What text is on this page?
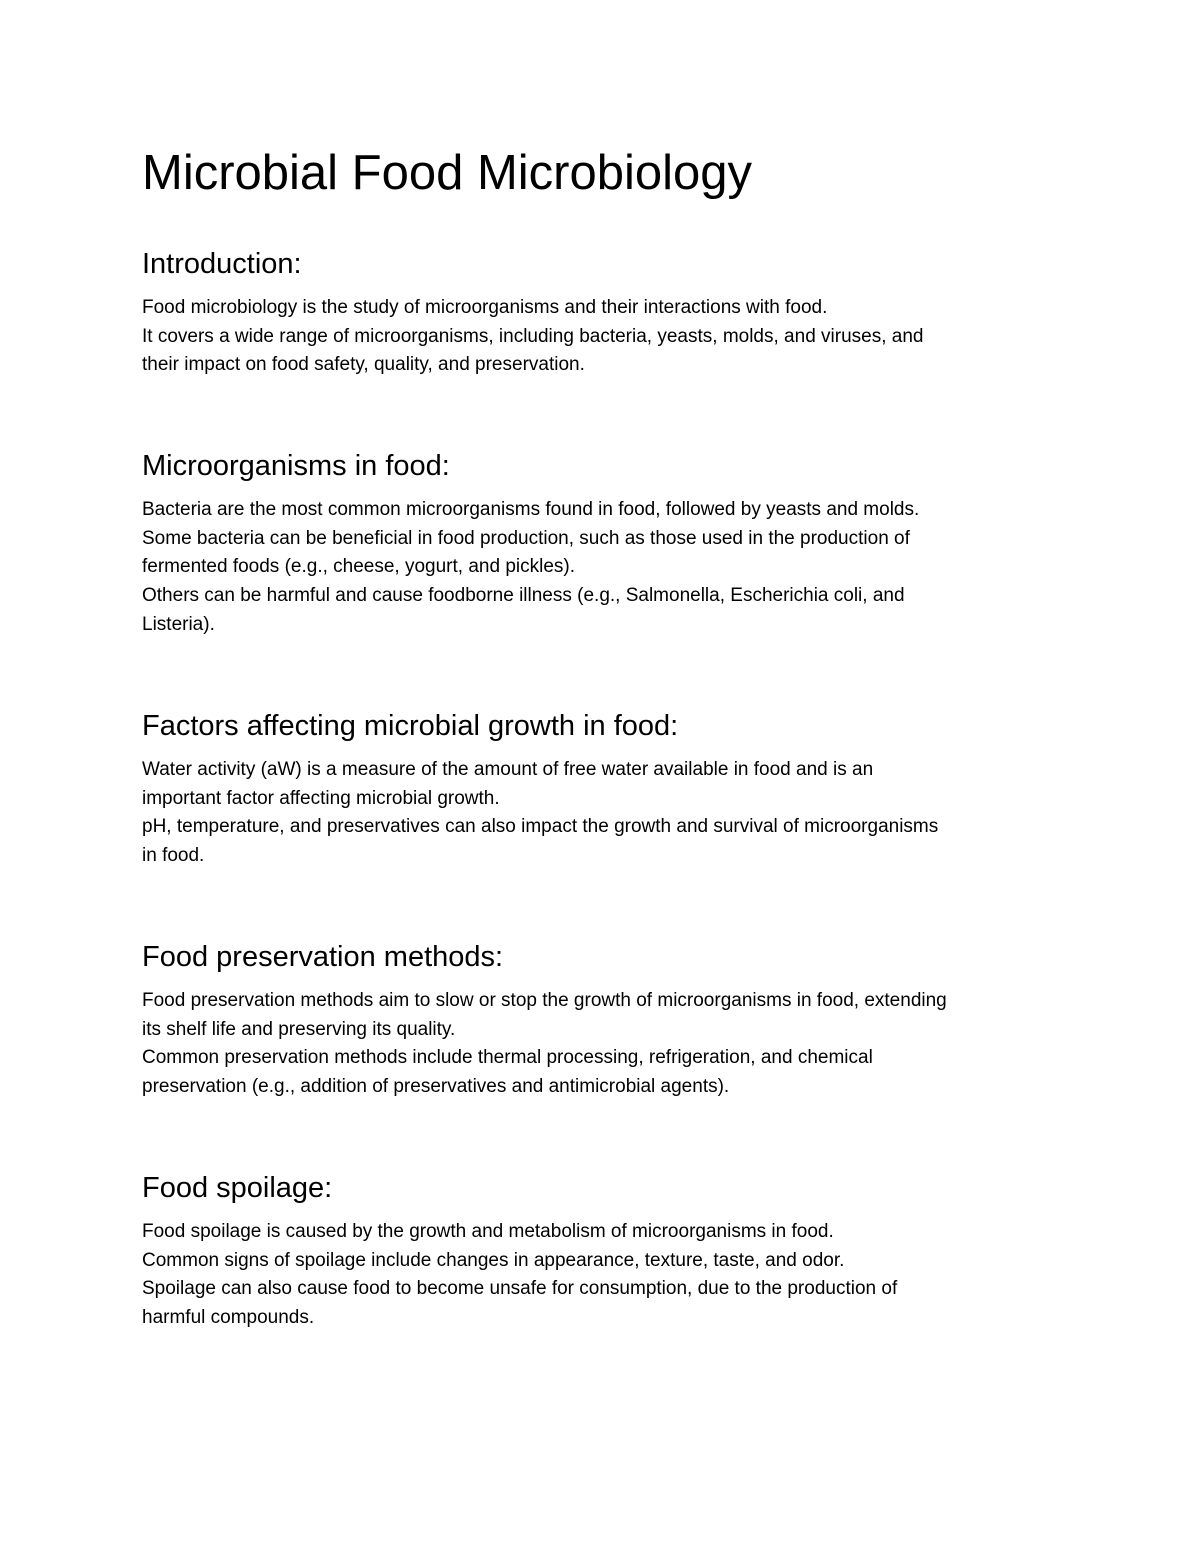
Microbial Food Microbiology
Introduction:

Food microbiology is the study of microorganisms and their interactions with food.
It covers a wide range of microorganisms, including bacteria, yeasts, molds, and viruses, and
their impact on food safety, quality, and preservation.

Microorganisms in food:

Bacteria are the most common microorganisms found in food, followed by yeasts and molds.
Some bacteria can be beneficial in food production, such as those used in the production of
fermented foods (e.g., cheese, yogurt, and pickles).
Others can be harmful and cause foodborne illness (e.g., Salmonella, Escherichia coli, and
Listeria).

Factors affecting microbial growth in food:

Water activity (aW) is a measure of the amount of free water available in food and is an
important factor affecting microbial growth.
pH, temperature, and preservatives can also impact the growth and survival of microorganisms
in food.

Food preservation methods:

Food preservation methods aim to slow or stop the growth of microorganisms in food, extending
its shelf life and preserving its quality.
Common preservation methods include thermal processing, refrigeration, and chemical
preservation (e.g., addition of preservatives and antimicrobial agents).

Food spoilage:

Food spoilage is caused by the growth and metabolism of microorganisms in food.
Common signs of spoilage include changes in appearance, texture, taste, and odor.
Spoilage can also cause food to become unsafe for consumption, due to the production of
harmful compounds.
